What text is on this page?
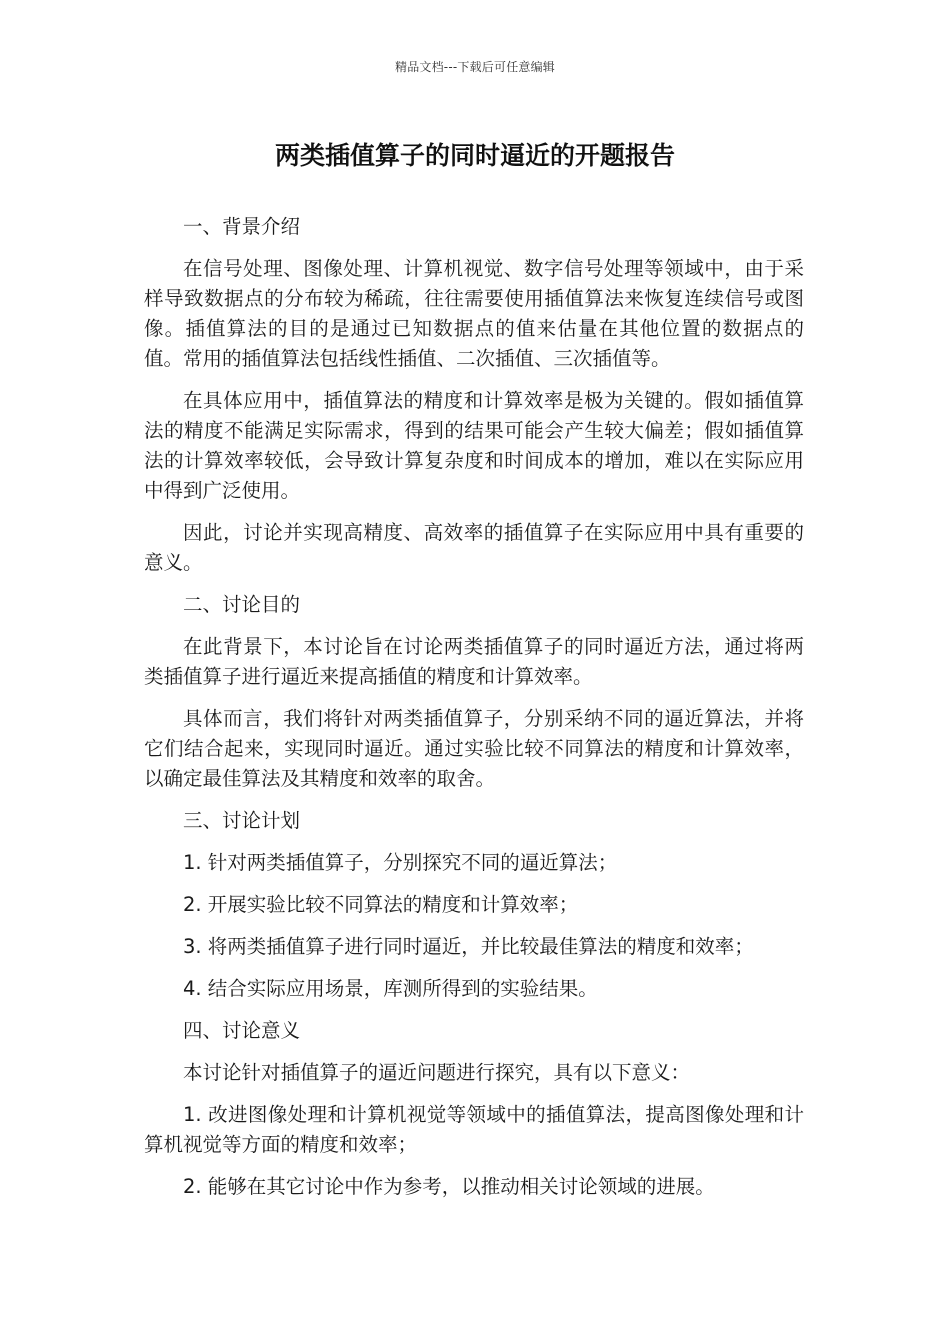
精品文档---下载后可任意编辑
两类插值算子的同时逼近的开题报告

一、背景介绍

在信号处理、图像处理、计算机视觉、数字信号处理等领域中，由于采样导致数据点的分布较为稀疏，往往需要使用插值算法来恢复连续信号或图像。插值算法的目的是通过已知数据点的值来估量在其他位置的数据点的值。常用的插值算法包括线性插值、二次插值、三次插值等。

在具体应用中，插值算法的精度和计算效率是极为关键的。假如插值算法的精度不能满足实际需求，得到的结果可能会产生较大偏差；假如插值算法的计算效率较低，会导致计算复杂度和时间成本的增加，难以在实际应用中得到广泛使用。

因此，讨论并实现高精度、高效率的插值算子在实际应用中具有重要的意义。

二、讨论目的

在此背景下，本讨论旨在讨论两类插值算子的同时逼近方法，通过将两类插值算子进行逼近来提高插值的精度和计算效率。

具体而言，我们将针对两类插值算子，分别采纳不同的逼近算法，并将它们结合起来，实现同时逼近。通过实验比较不同算法的精度和计算效率，以确定最佳算法及其精度和效率的取舍。

三、讨论计划

1. 针对两类插值算子，分别探究不同的逼近算法；

2. 开展实验比较不同算法的精度和计算效率；

3. 将两类插值算子进行同时逼近，并比较最佳算法的精度和效率；

4. 结合实际应用场景，库测所得到的实验结果。

四、讨论意义

本讨论针对插值算子的逼近问题进行探究，具有以下意义：

1. 改进图像处理和计算机视觉等领域中的插值算法，提高图像处理和计算机视觉等方面的精度和效率；

2. 能够在其它讨论中作为参考，以推动相关讨论领域的进展。
